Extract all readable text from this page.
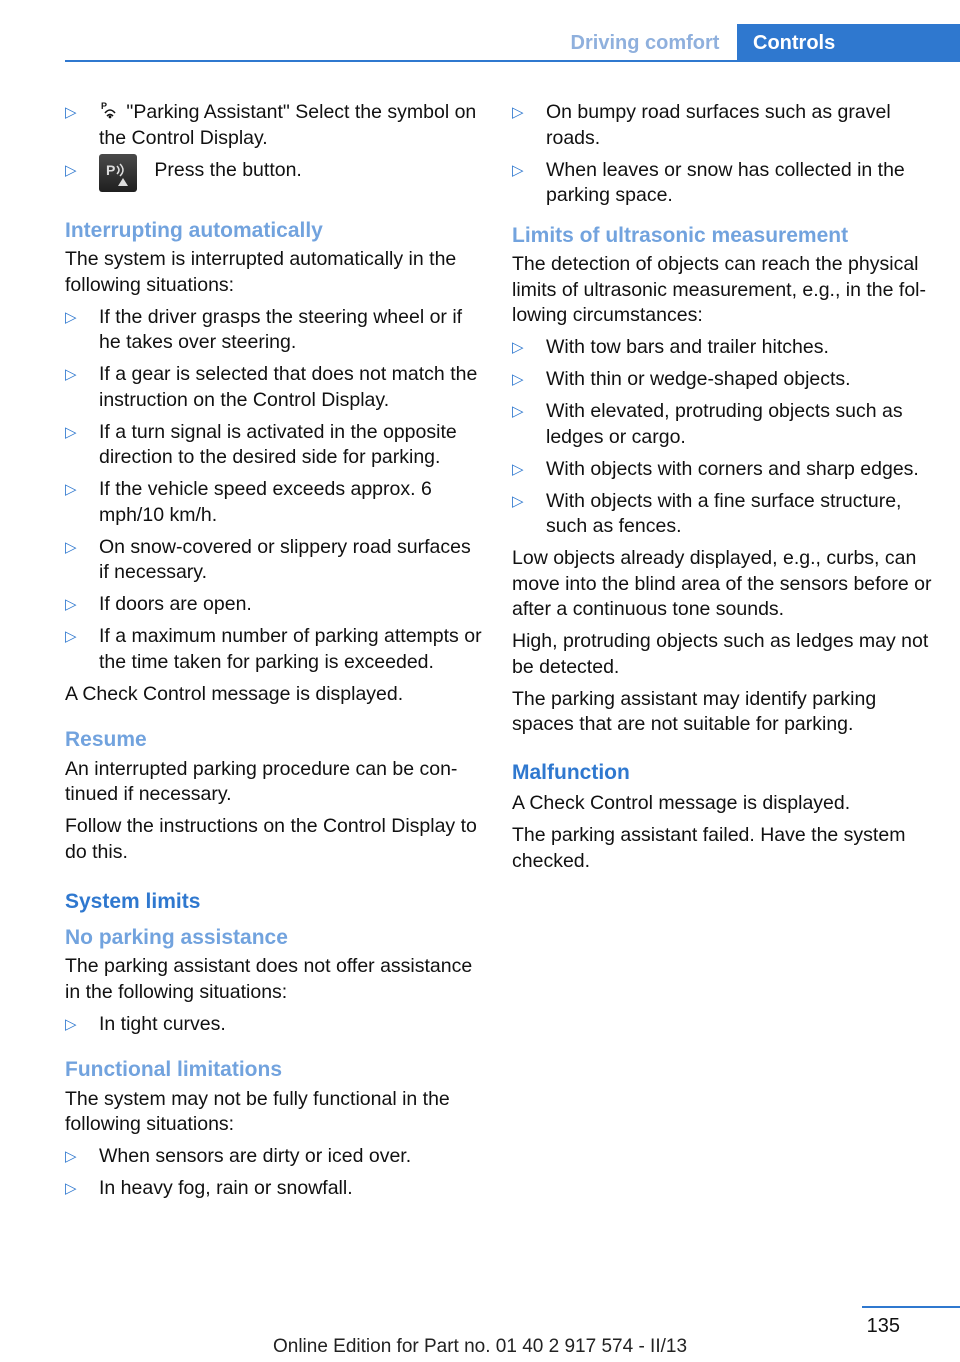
Driving comfort	Controls
▷	P "Parking Assistant" Select the symbol on the Control Display.
▷ P Press the button.
Interrupting automatically

The system is interrupted automatically in the following situations:

▷ If the driver grasps the steering wheel or if he takes over steering.
▷ If a gear is selected that does not match the instruction on the Control Display.
▷ If a turn signal is activated in the opposite direction to the desired side for parking.
▷ If the vehicle speed exceeds approx. 6 mph/10 km/h.
▷ On snow-covered or slippery road surfaces if necessary.
▷ If doors are open.
▷ If a maximum number of parking attempts or the time taken for parking is exceeded.

A Check Control message is displayed.

Resume

An interrupted parking procedure can be con‐tinued if necessary.

Follow the instructions on the Control Display to do this.

System limits
No parking assistance

The parking assistant does not offer assistance in the following situations:

▷ In tight curves.
Functional limitations

The system may not be fully functional in the following situations:

▷ When sensors are dirty or iced over.
▷ In heavy fog, rain or snowfall.
▷ On bumpy road surfaces such as gravel roads.
▷ When leaves or snow has collected in the parking space.
Limits of ultrasonic measurement

The detection of objects can reach the physical limits of ultrasonic measurement, e.g., in the fol‐lowing circumstances:

▷ With tow bars and trailer hitches.
▷ With thin or wedge-shaped objects.
▷ With elevated, protruding objects such as ledges or cargo.
▷ With objects with corners and sharp edges.
▷ With objects with a fine surface structure, such as fences.

Low objects already displayed, e.g., curbs, can move into the blind area of the sensors before or after a continuous tone sounds.

High, protruding objects such as ledges may not be detected.

The parking assistant may identify parking spaces that are not suitable for parking.

Malfunction

A Check Control message is displayed.

The parking assistant failed. Have the system checked.

135
Online Edition for Part no. 01 40 2 917 574 - II/13
